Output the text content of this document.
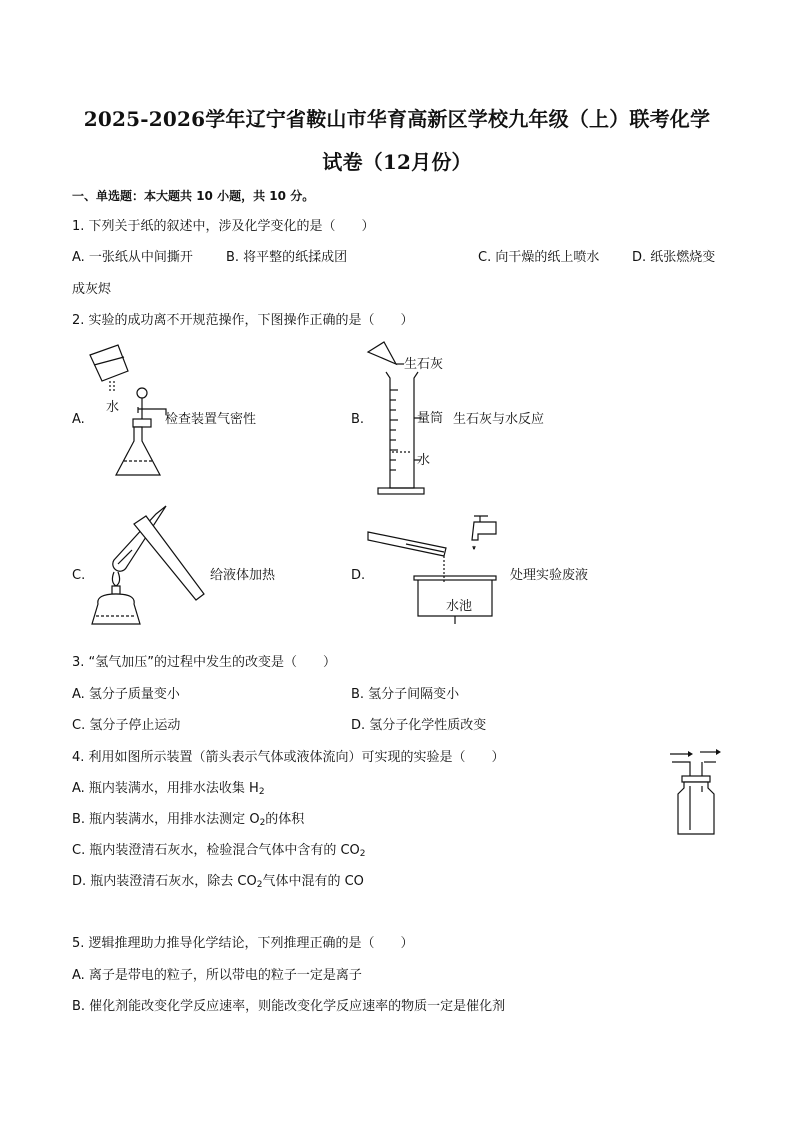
2025-2026学年辽宁省鞍山市华育高新区学校九年级（上）联考化学
试卷（12月份）
一、单选题：本大题共 10 小题，共 10 分。
1. 下列关于纸的叙述中，涉及化学变化的是（　　）
A. 一张纸从中间撕开	B. 将平整的纸揉成团	C. 向干燥的纸上喷水	D. 纸张燃烧变
成灰烬
2. 实验的成功离不开规范操作，下图操作正确的是（　　）
A.
水
检查装置气密性	B.
生石灰
量筒
水
生石灰与水反应
C.	给液体加热	D.
水池
处理实验废液
3. “氢气加压”的过程中发生的改变是（　　）
A. 氢分子质量变小	B. 氢分子间隔变小
C. 氢分子停止运动	D. 氢分子化学性质改变
4. 利用如图所示装置（箭头表示气体或液体流向）可实现的实验是（　　）
A. 瓶内装满水，用排水法收集 $H_2$
B. 瓶内装满水，用排水法测定 $O_2$的体积
C. 瓶内装澄清石灰水，检验混合气体中含有的 $CO_2$
D. 瓶内装澄清石灰水，除去 $CO_2$气体中混有的 CO
5. 逻辑推理助力推导化学结论，下列推理正确的是（　　）
A. 离子是带电的粒子，所以带电的粒子一定是离子
B. 催化剂能改变化学反应速率，则能改变化学反应速率的物质一定是催化剂
